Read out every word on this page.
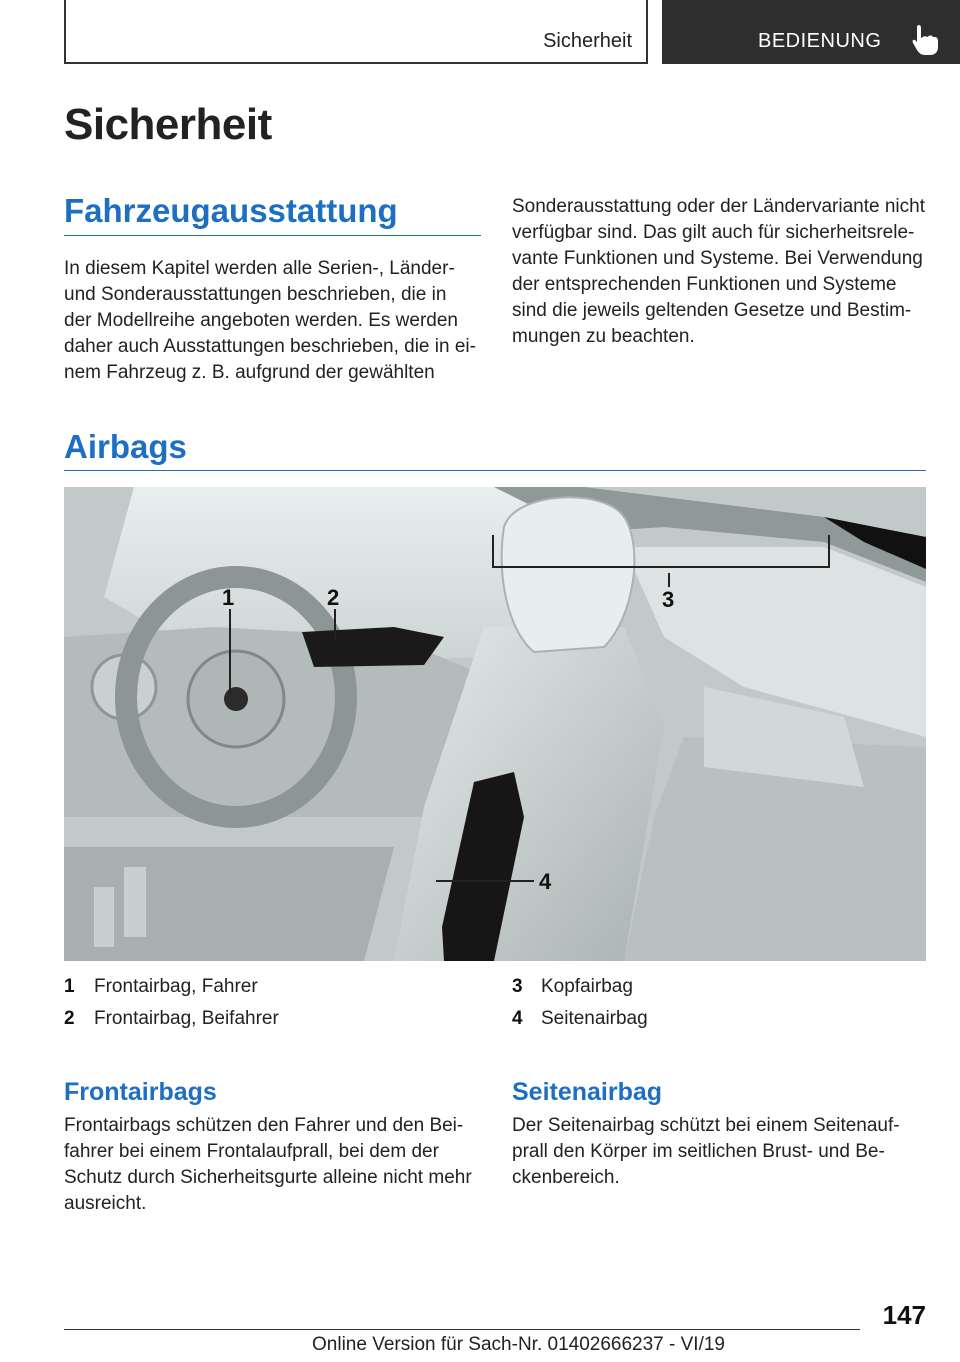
Sicherheit	BEDIENUNG
Sicherheit
Fahrzeugausstattung
In diesem Kapitel werden alle Serien-, Länder-
und Sonderausstattungen beschrieben, die in
der Modellreihe angeboten werden. Es werden
daher auch Ausstattungen beschrieben, die in ei-
nem Fahrzeug z. B. aufgrund der gewählten
Sonderausstattung oder der Ländervariante nicht
verfügbar sind. Das gilt auch für sicherheitsrele-
vante Funktionen und Systeme. Bei Verwendung
der entsprechenden Funktionen und Systeme
sind die jeweils geltenden Gesetze und Bestim-
mungen zu beachten.
Airbags
1	2	3
4
1 Frontairbag, Fahrer
2 Frontairbag, Beifahrer
3 Kopfairbag
4 Seitenairbag
Frontairbags
Frontairbags schützen den Fahrer und den Bei-
fahrer bei einem Frontalaufprall, bei dem der
Schutz durch Sicherheitsgurte alleine nicht mehr
ausreicht.
Seitenairbag
Der Seitenairbag schützt bei einem Seitenauf-
prall den Körper im seitlichen Brust- und Be-
ckenbereich.
147
Online Version für Sach-Nr. 01402666237 - VI/19
